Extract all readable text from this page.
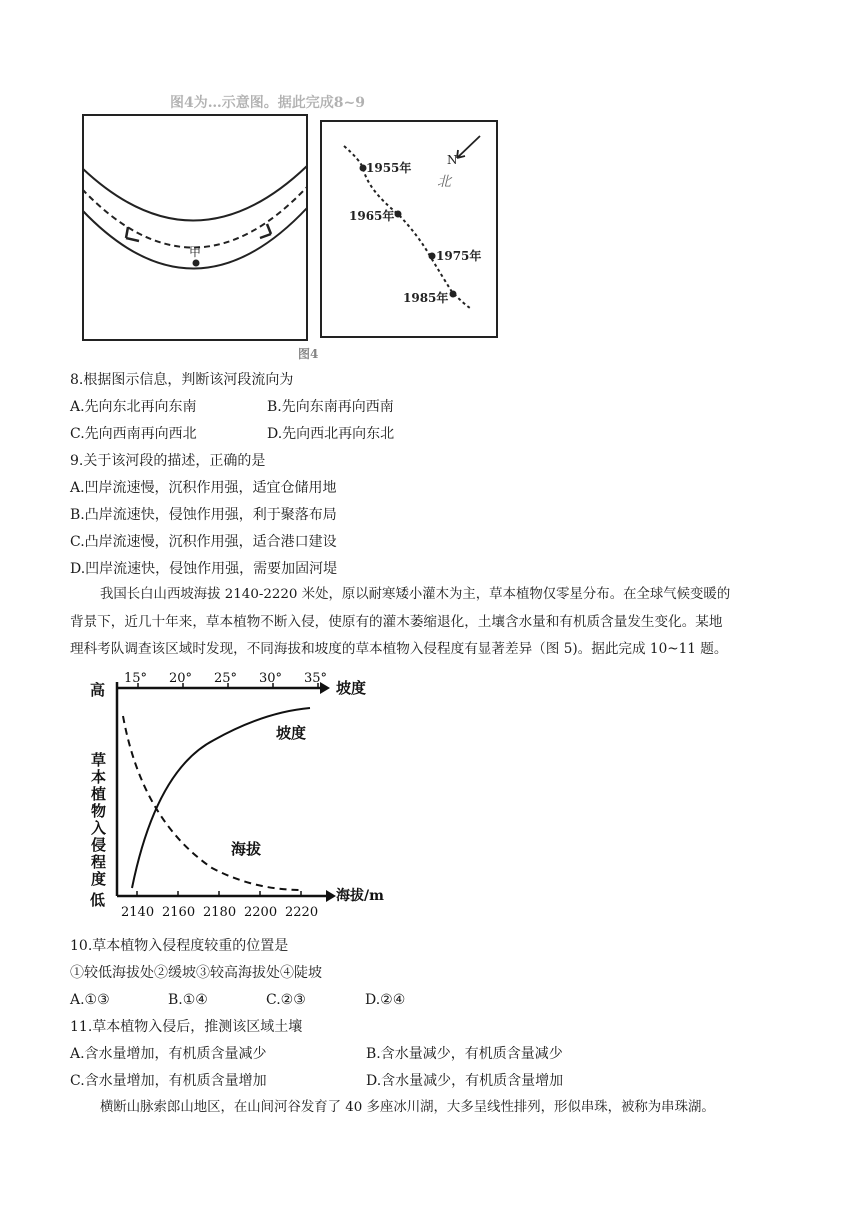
图4为…示意图。据此完成8~9
甲
1955年
1965年
1975年
1985年
N
北
图4
8.根据图示信息，判断该河段流向为
A.先向东北再向东南	B.先向东南再向西南
C.先向西南再向西北	D.先向西北再向东北
9.关于该河段的描述，正确的是
A.凹岸流速慢，沉积作用强，适宜仓储用地
B.凸岸流速快，侵蚀作用强，利于聚落布局
C.凸岸流速慢，沉积作用强，适合港口建设
D.凹岸流速快，侵蚀作用强，需要加固河堤
我国长白山西坡海拔 2140-2220 米处，原以耐寒矮小灌木为主，草本植物仅零星分布。在全球气候变暖的
背景下，近几十年来，草本植物不断入侵，使原有的灌木萎缩退化，土壤含水量和有机质含量发生变化。某地
理科考队调查该区域时发现，不同海拔和坡度的草本植物入侵程度有显著差异（图 5)。据此完成 10~11 题。
高
低
草本植物入侵程度
15° 20° 25° 30° 35°
2140 2160 2180 2200 2220
坡度
海拔/m
坡度
海拔
10.草本植物入侵程度较重的位置是
①较低海拔处②缓坡③较高海拔处④陡坡
A.①③	B.①④	C.②③	D.②④
11.草本植物入侵后，推测该区域土壤
A.含水量增加，有机质含量减少	B.含水量减少，有机质含量减少
C.含水量增加，有机质含量增加	D.含水量减少，有机质含量增加
横断山脉索郎山地区，在山间河谷发育了 40 多座冰川湖，大多呈线性排列，形似串珠，被称为串珠湖。
